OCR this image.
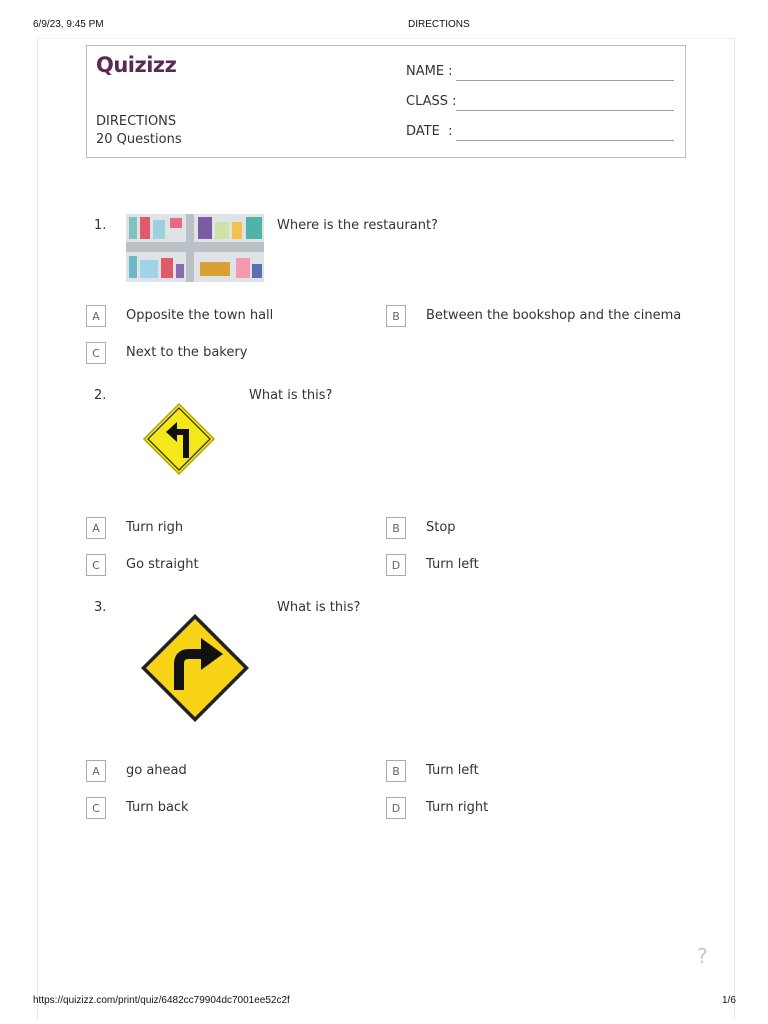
6/9/23, 9:45 PM	DIRECTIONS
Quizizz
DIRECTIONS
20 Questions
NAME :
CLASS :
DATE  :
1.	Where is the restaurant?
A	Opposite the town hall	B	Between the bookshop and the cinema
C	Next to the bakery
2.	What is this?
A	Turn righ	B	Stop
C	Go straight	D	Turn left
3.	What is this?
A	go ahead	B	Turn left
C	Turn back	D	Turn right
?
https://quizizz.com/print/quiz/6482cc79904dc7001ee52c2f	1/6
